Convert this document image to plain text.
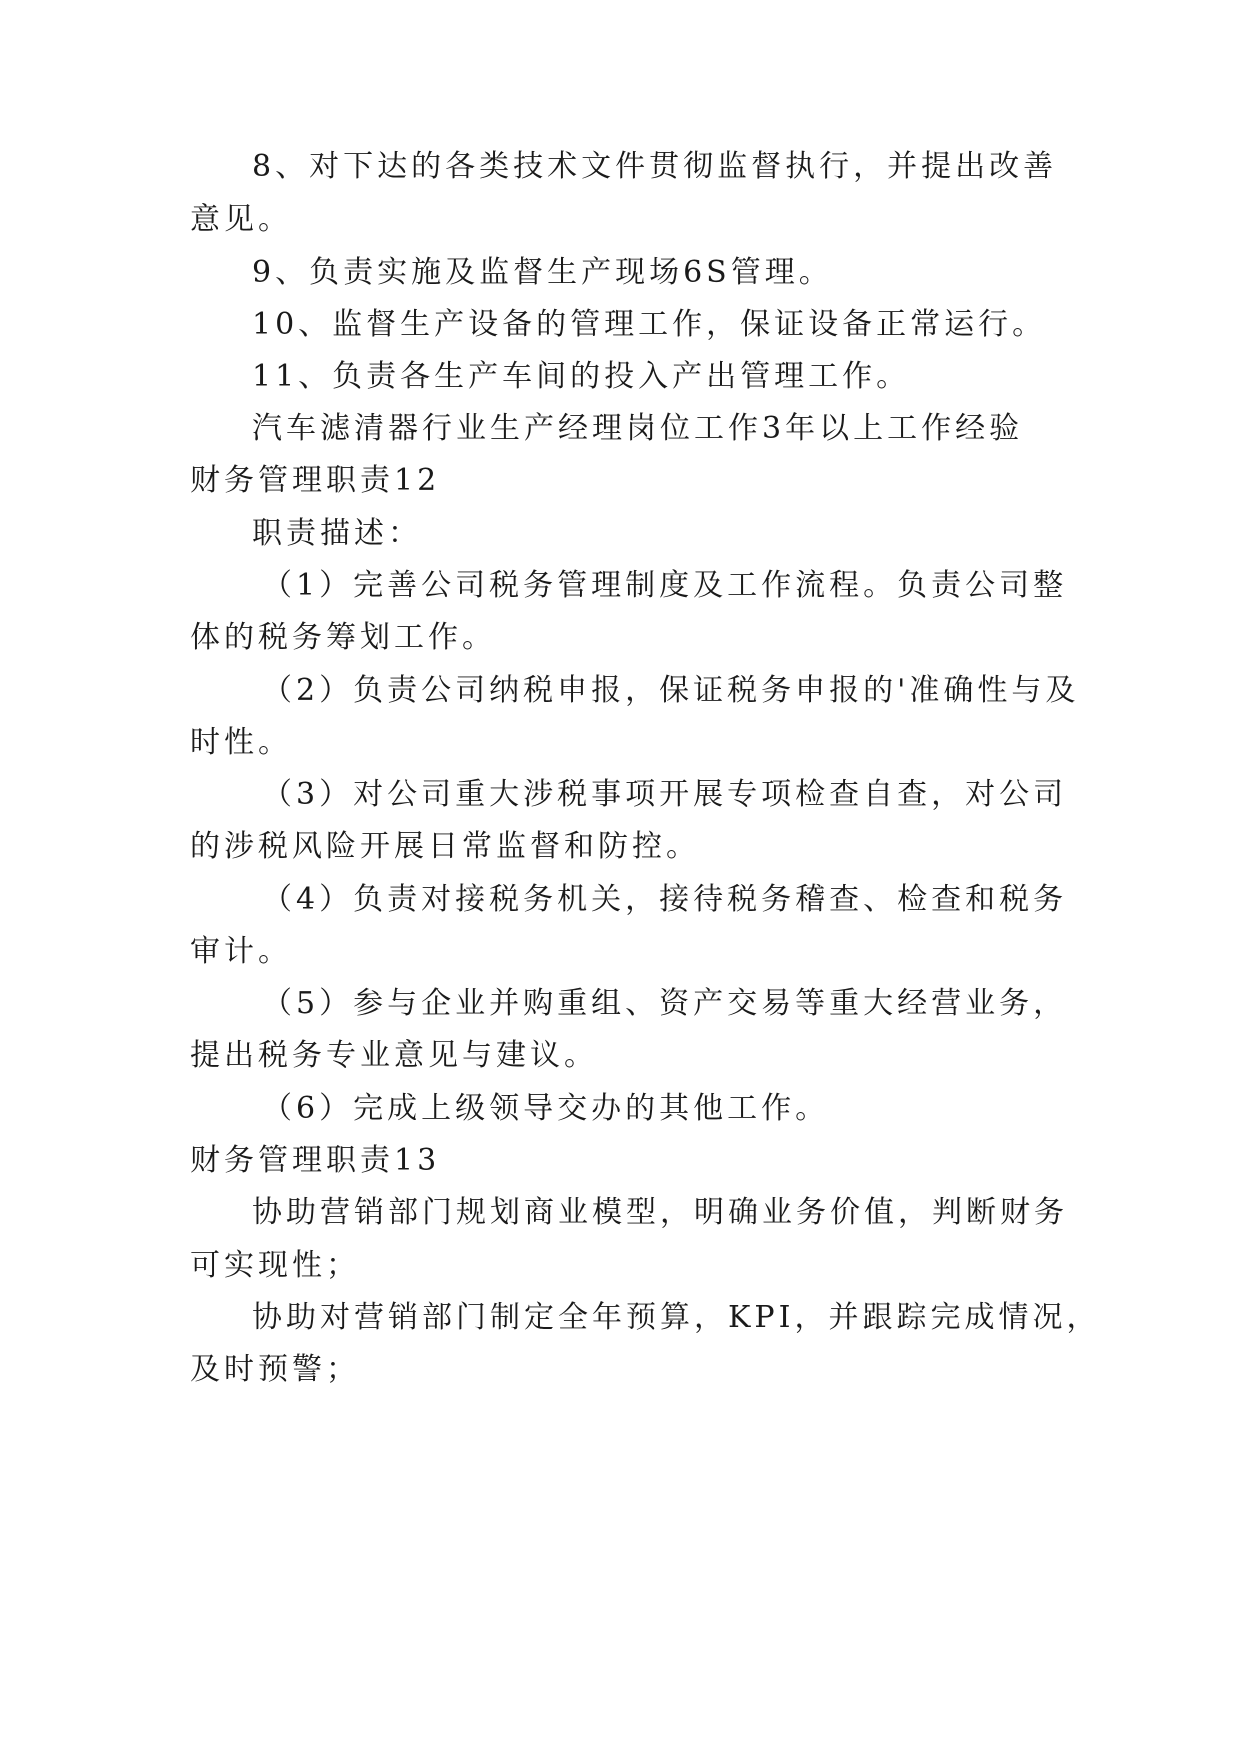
8、对下达的各类技术文件贯彻监督执行，并提出改善
意见。
9、负责实施及监督生产现场6S管理。
10、监督生产设备的管理工作，保证设备正常运行。
11、负责各生产车间的投入产出管理工作。
汽车滤清器行业生产经理岗位工作3年以上工作经验
财务管理职责12
职责描述：
（1）完善公司税务管理制度及工作流程。负责公司整
体的税务筹划工作。
（2）负责公司纳税申报，保证税务申报的'准确性与及
时性。
（3）对公司重大涉税事项开展专项检查自查，对公司
的涉税风险开展日常监督和防控。
（4）负责对接税务机关，接待税务稽查、检查和税务
审计。
（5）参与企业并购重组、资产交易等重大经营业务，
提出税务专业意见与建议。
（6）完成上级领导交办的其他工作。
财务管理职责13
协助营销部门规划商业模型，明确业务价值，判断财务
可实现性；
协助对营销部门制定全年预算，KPI，并跟踪完成情况，
及时预警；
